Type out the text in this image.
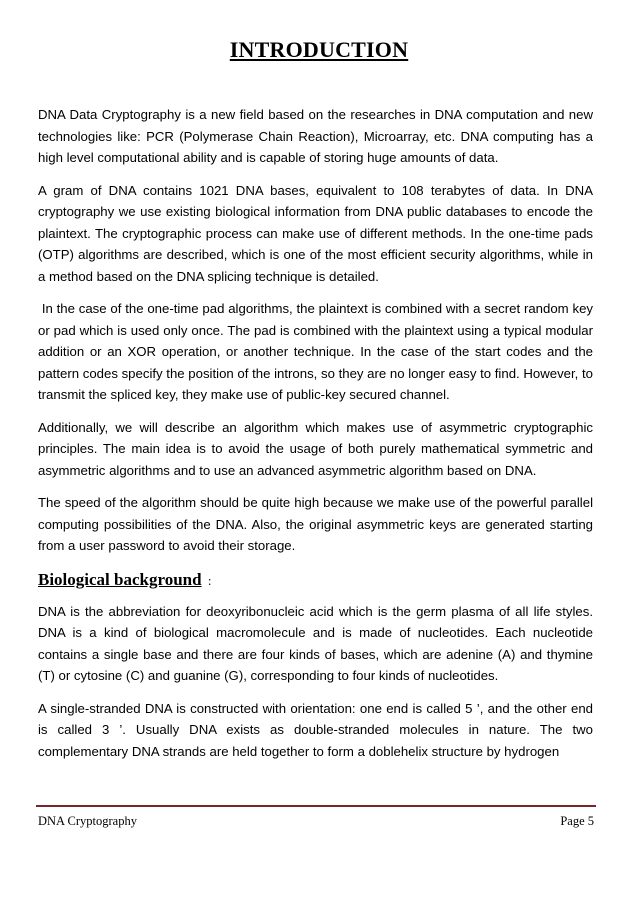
INTRODUCTION

DNA Data Cryptography is a new field based on the researches in DNA computation and new technologies like: PCR (Polymerase Chain Reaction), Microarray, etc. DNA computing has a high level computational ability and is capable of storing huge amounts of data.

A gram of DNA contains 1021 DNA bases, equivalent to 108 terabytes of data. In DNA cryptography we use existing biological information from DNA public databases to encode the plaintext. The cryptographic process can make use of different methods. In the one-time pads (OTP) algorithms are described, which is one of the most efficient security algorithms, while in a method based on the DNA splicing technique is detailed.

In the case of the one-time pad algorithms, the plaintext is combined with a secret random key or pad which is used only once. The pad is combined with the plaintext using a typical modular addition or an XOR operation, or another technique. In the case of the start codes and the pattern codes specify the position of the introns, so they are no longer easy to find. However, to transmit the spliced key, they make use of public-key secured channel.

Additionally, we will describe an algorithm which makes use of asymmetric cryptographic principles. The main idea is to avoid the usage of both purely mathematical symmetric and asymmetric algorithms and to use an advanced asymmetric algorithm based on DNA.

The speed of the algorithm should be quite high because we make use of the powerful parallel computing possibilities of the DNA. Also, the original asymmetric keys are generated starting from a user password to avoid their storage.

Biological background :

DNA is the abbreviation for deoxyribonucleic acid which is the germ plasma of all life styles. DNA is a kind of biological macromolecule and is made of nucleotides. Each nucleotide contains a single base and there are four kinds of bases, which are adenine (A) and thymine (T) or cytosine (C) and guanine (G), corresponding to four kinds of nucleotides.

A single-stranded DNA is constructed with orientation: one end is called 5 ’, and the other end is called 3 ’. Usually DNA exists as double-stranded molecules in nature. The two complementary DNA strands are held together to form a doblehelix structure by hydrogen

DNA Cryptography	Page 5
